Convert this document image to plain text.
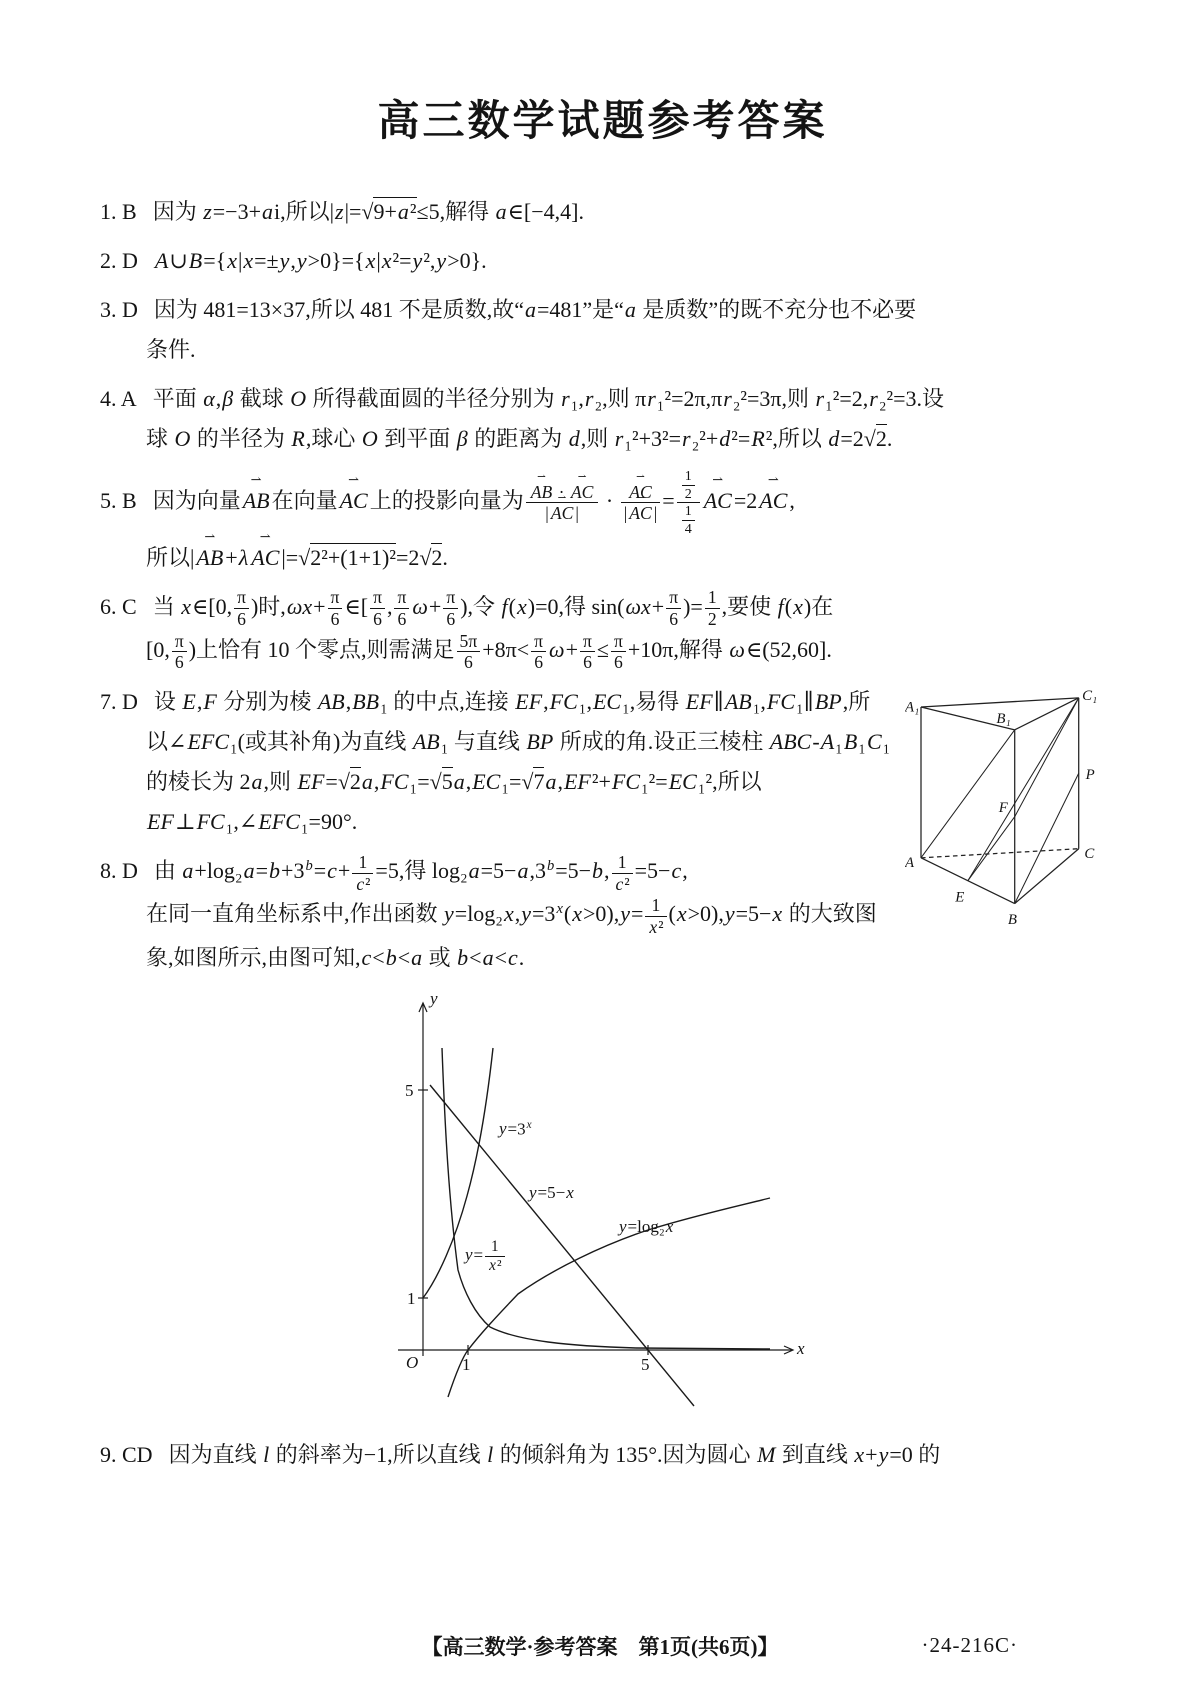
高三数学试题参考答案
1. B 因为 z=−3+ai,所以|z|=√9+a²≤5,解得 a∈[−4,4].
2. D A∪B={x|x=±y,y>0}={x|x²=y²,y>0}.
3. D 因为 481=13×37,所以 481 不是质数,故“a=481”是“a 是质数”的既不充分也不必要
条件.
4. A 平面 α,β 截球 O 所得截面圆的半径分别为 r₁,r₂,则 πr₁²=2π,πr₂²=3π,则 r₁²=2,r₂²=3.设
球 O 的半径为 R,球心 O 到平面 β 的距离为 d,则 r₁²+3²=r₂²+d²=R²,所以 d=2√2.
5. B 因为向量AB ⇀在向量AC ⇀上的投影向量为 $\frac{AB ⇀ \cdot AC ⇀}{| AC ⇀ |} \cdot \frac{AC ⇀}{| AC ⇀ |} = \frac{\frac{1}{2}}{\frac{1}{4}}$ AC ⇀=2AC ⇀,
所以|AB ⇀+λ AC ⇀|=√2²+(1+1)²=2√2.
6. C 当 x∈[0, $\frac{\pi}{6}$ )时$,\omega x+ \frac{\pi}{6}$ ∈[ $\frac{\pi}{6}$ , $\frac{\pi}{6} \omega+ \frac{\pi}{6}$ ),令 f(x)=0,得 $\sin(\omega x+ \frac{\pi}{6}$ )= $\frac{1}{2}$ ,要使 f(x)在
[0, $\frac{\pi}{6}$ )上恰有 10 个零点,则需满足 $\frac{5\pi}{6} +8\pi< \frac{\pi}{6} \omega+ \frac{\pi}{6} \le \frac{\pi}{6} +10\pi$,解得 ω∈(52,60].
A₁
B₁
C₁
P
A
C
F
E
B
7. D 设 E,F 分别为棱 AB,BB₁ 的中点,连接 EF,FC₁,EC₁,易得 EF∥AB₁,FC₁∥BP,所以∠EFC₁(或其补角)为直线 AB₁ 与直线 BP 所成的角.设正三棱柱 ABC-A₁B₁C₁ 的棱长为 2a,则 EF=√2a,FC₁=√5a,EC₁=√7a,EF²+FC₁²=EC₁²,所以 EF⊥FC₁,∠EFC₁=90°.
8. D 由 $a+\log_2a=b+3^b=c+ \frac{1}{\text{c²}} =5$,得 log₂a=5−a,3$^b$=5−b, $\frac{1}{\text{c²}} =5-c$,
在同一直角坐标系中,作出函数 $y=\log_2x,y=3^x(x>0),y= \frac{1}{\text{x²}} (x>0),y=5-x$ 的大致图
象,如图所示,由图可知,c<b<a 或 b<a<c.
y
x
O
5
1
1	5
$y=3^x$
y=5−x
y=log₂x
$y= \frac{1}{\text{x²}}$
9. CD 因为直线 l 的斜率为−1,所以直线 l 的倾斜角为 135°.因为圆心 M 到直线 x+y=0 的
【高三数学·参考答案　第1页(共6页)】	·24-216C·
